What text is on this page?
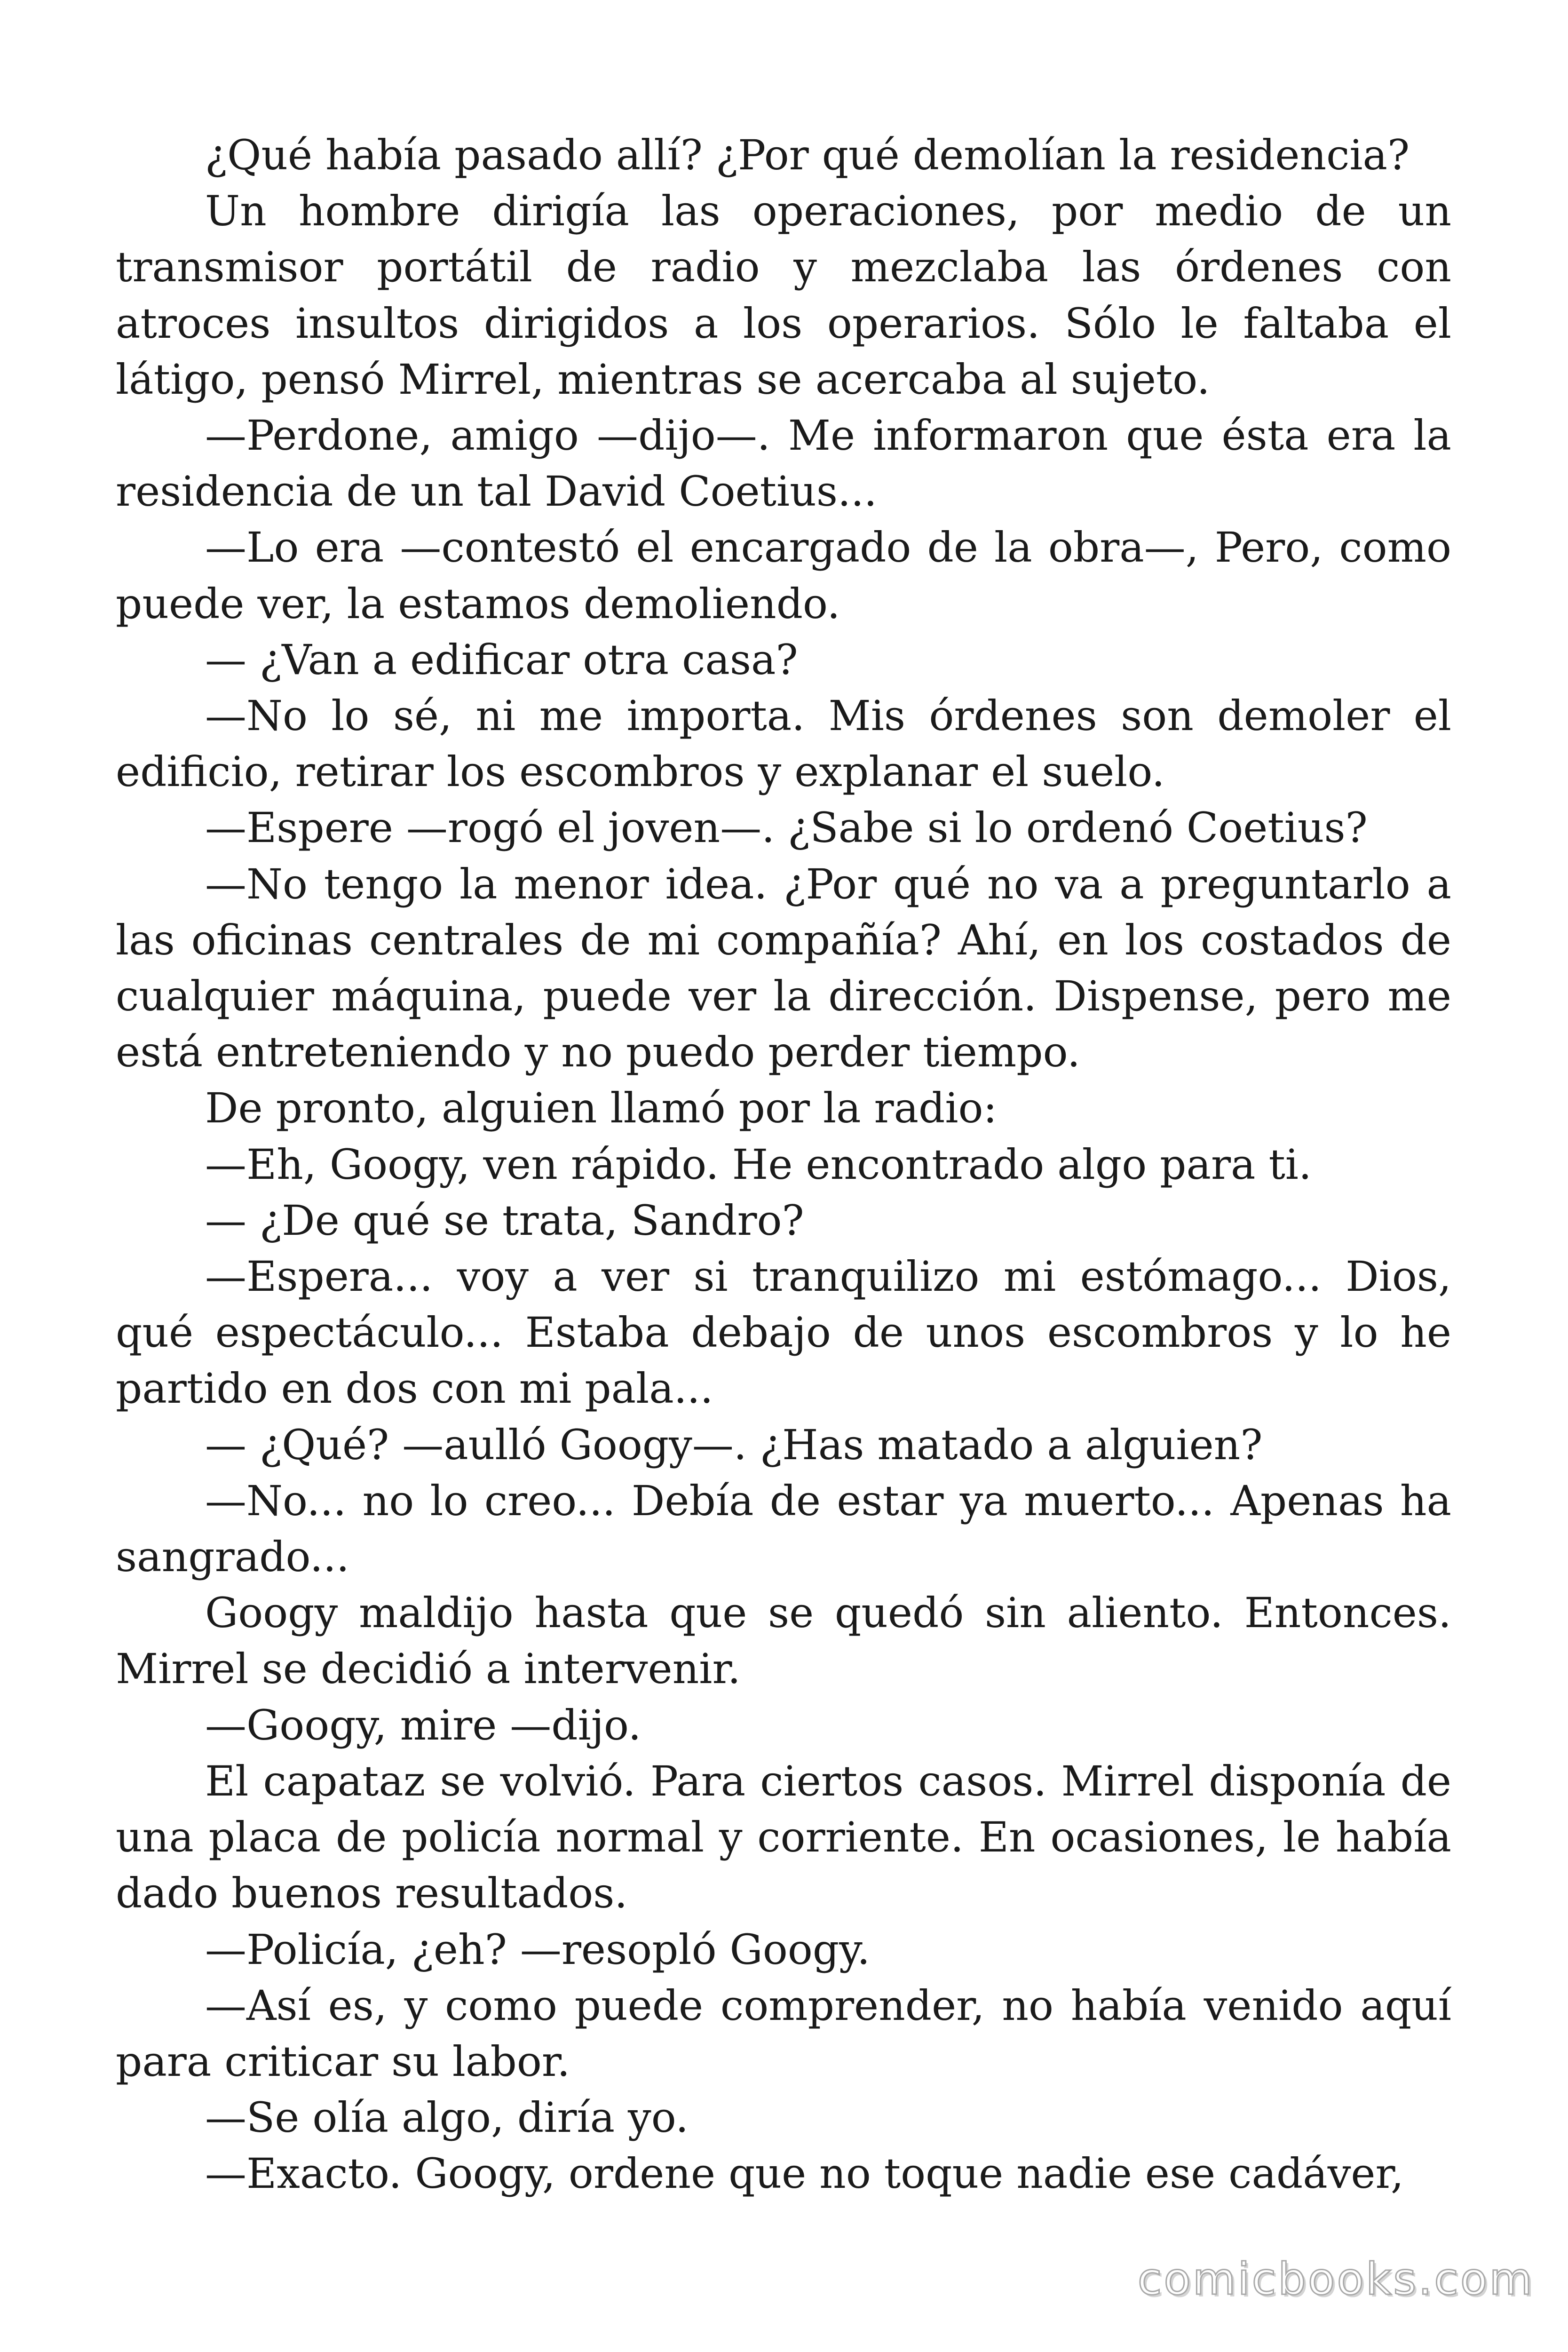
¿Qué había pasado allí? ¿Por qué demolían la residencia?

Un hombre dirigía las operaciones, por medio de un transmisor portátil de radio y mezclaba las órdenes con atroces insultos dirigidos a los operarios. Sólo le faltaba el látigo, pensó Mirrel, mientras se acercaba al sujeto.

—Perdone, amigo —dijo—. Me informaron que ésta era la residencia de un tal David Coetius...

—Lo era —contestó el encargado de la obra—, Pero, como puede ver, la estamos demoliendo.

— ¿Van a edificar otra casa?

—No lo sé, ni me importa. Mis órdenes son demoler el edificio, retirar los escombros y explanar el suelo.

—Espere —rogó el joven—. ¿Sabe si lo ordenó Coetius?

—No tengo la menor idea. ¿Por qué no va a preguntarlo a las oficinas centrales de mi compañía? Ahí, en los costados de cualquier máquina, puede ver la dirección. Dispense, pero me está entreteniendo y no puedo perder tiempo.

De pronto, alguien llamó por la radio:

—Eh, Googy, ven rápido. He encontrado algo para ti.

— ¿De qué se trata, Sandro?

—Espera... voy a ver si tranquilizo mi estómago... Dios, qué espectáculo... Estaba debajo de unos escombros y lo he partido en dos con mi pala...

— ¿Qué? —aulló Googy—. ¿Has matado a alguien?

—No... no lo creo... Debía de estar ya muerto... Apenas ha sangrado...

Googy maldijo hasta que se quedó sin aliento. Entonces. Mirrel se decidió a intervenir.

—Googy, mire —dijo.

El capataz se volvió. Para ciertos casos. Mirrel disponía de una placa de policía normal y corriente. En ocasiones, le había dado buenos resultados.

—Policía, ¿eh? —resopló Googy.

—Así es, y como puede comprender, no había venido aquí para criticar su labor.

—Se olía algo, diría yo.

—Exacto. Googy, ordene que no toque nadie ese cadáver,

comicbooks.com
